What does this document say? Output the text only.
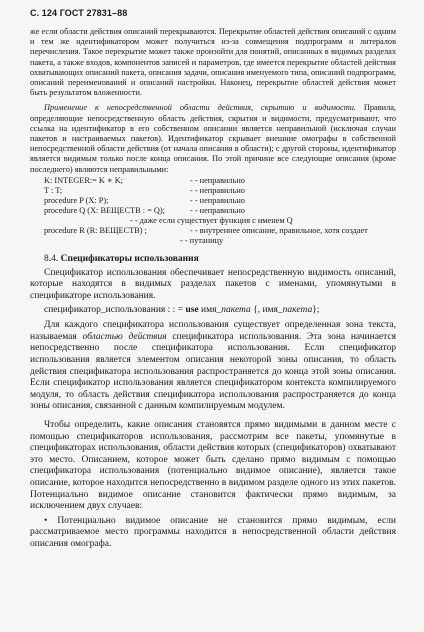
С. 124 ГОСТ 27831–88

же если области действия описаний перекрываются. Перекрытие областей действия описаний с одним и тем же идентификатором может получиться из-за совмещения подпрограмм и литералов перечисления. Такое перекрытие может также произойти для понятий, описанных в видимых разделах пакета, а также входов, компонентов записей и параметров, где имеется перекрытие областей действия охватывающих описаний пакета, описания задачи, описания именуемого типа, описаний подпрограмм, описаний переименований и описаний настройки. Наконец, перекрытие областей действия может быть результатом вложенности.

Применение к непосредственной области действия, скрытию и видимости. Правила, определяющие непосредственную область действия, скрытия и видимости, предусматривают, что ссылка на идентификатор в его собственном описании является неправильной (исключая случаи пакетов и настраиваемых пакетов). Идентификатор скрывает внешние омографы в собственной непосредственной области действия (от начала описания в области); с другой стороны, идентификатор является видимым только после конца описания. По этой причине все следующие описания (кроме последнего) являются неправильными:

K: INTEGER:= K ∗ K;	- - неправильно
T : T;	- - неправильно
procedure P (X: P);	- - неправильно
procedure Q (X: ВЕЩЕСТВ : = Q);	- - неправильно
- - даже если существует функция с именем Q
procedure R (R: ВЕЩЕСТВ) ;	- - внутреннее описание, правильное, хотя создает
- - путаницу
8.4. Спецификаторы использования

Спецификатор использования обеспечивает непосредственную видимость описаний, которые находятся в видимых разделах пакетов с именами, упомянутыми в спецификаторе использования.

спецификатор_использования : : = use имя_пакета {, имя_пакета};

Для каждого спецификатора использования существует определенная зона текста, называемая областью действия спецификатора использования. Эта зона начинается непосредственно после спецификатора использования. Если спецификатор использования является элементом описания некоторой зоны описания, то область действия спецификатора использования распространяется до конца этой зоны описания. Если спецификатор использования является спецификатором контекста компилируемого модуля, то область действия спецификатора использования распространяется до конца зоны описания, связанной с данным компилируемым модулем.

Чтобы определить, какие описания становятся прямо видимыми в данном месте с помощью спецификаторов использования, рассмотрим все пакеты, упомянутые в спецификаторах использования, области действия которых (спецификаторов) охватывают это место. Описанием, которое может быть сделано прямо видимым с помощью спецификатора использования (потенциально видимое описание), является такое описание, которое находится непосредственно в видимом разделе одного из этих пакетов. Потенциально видимое описание становится фактически прямо видимым, за исключением двух случаев:

• Потенциально видимое описание не становится прямо видимым, если рассматриваемое место программы находится в непосредственной области действия описания омографа.
